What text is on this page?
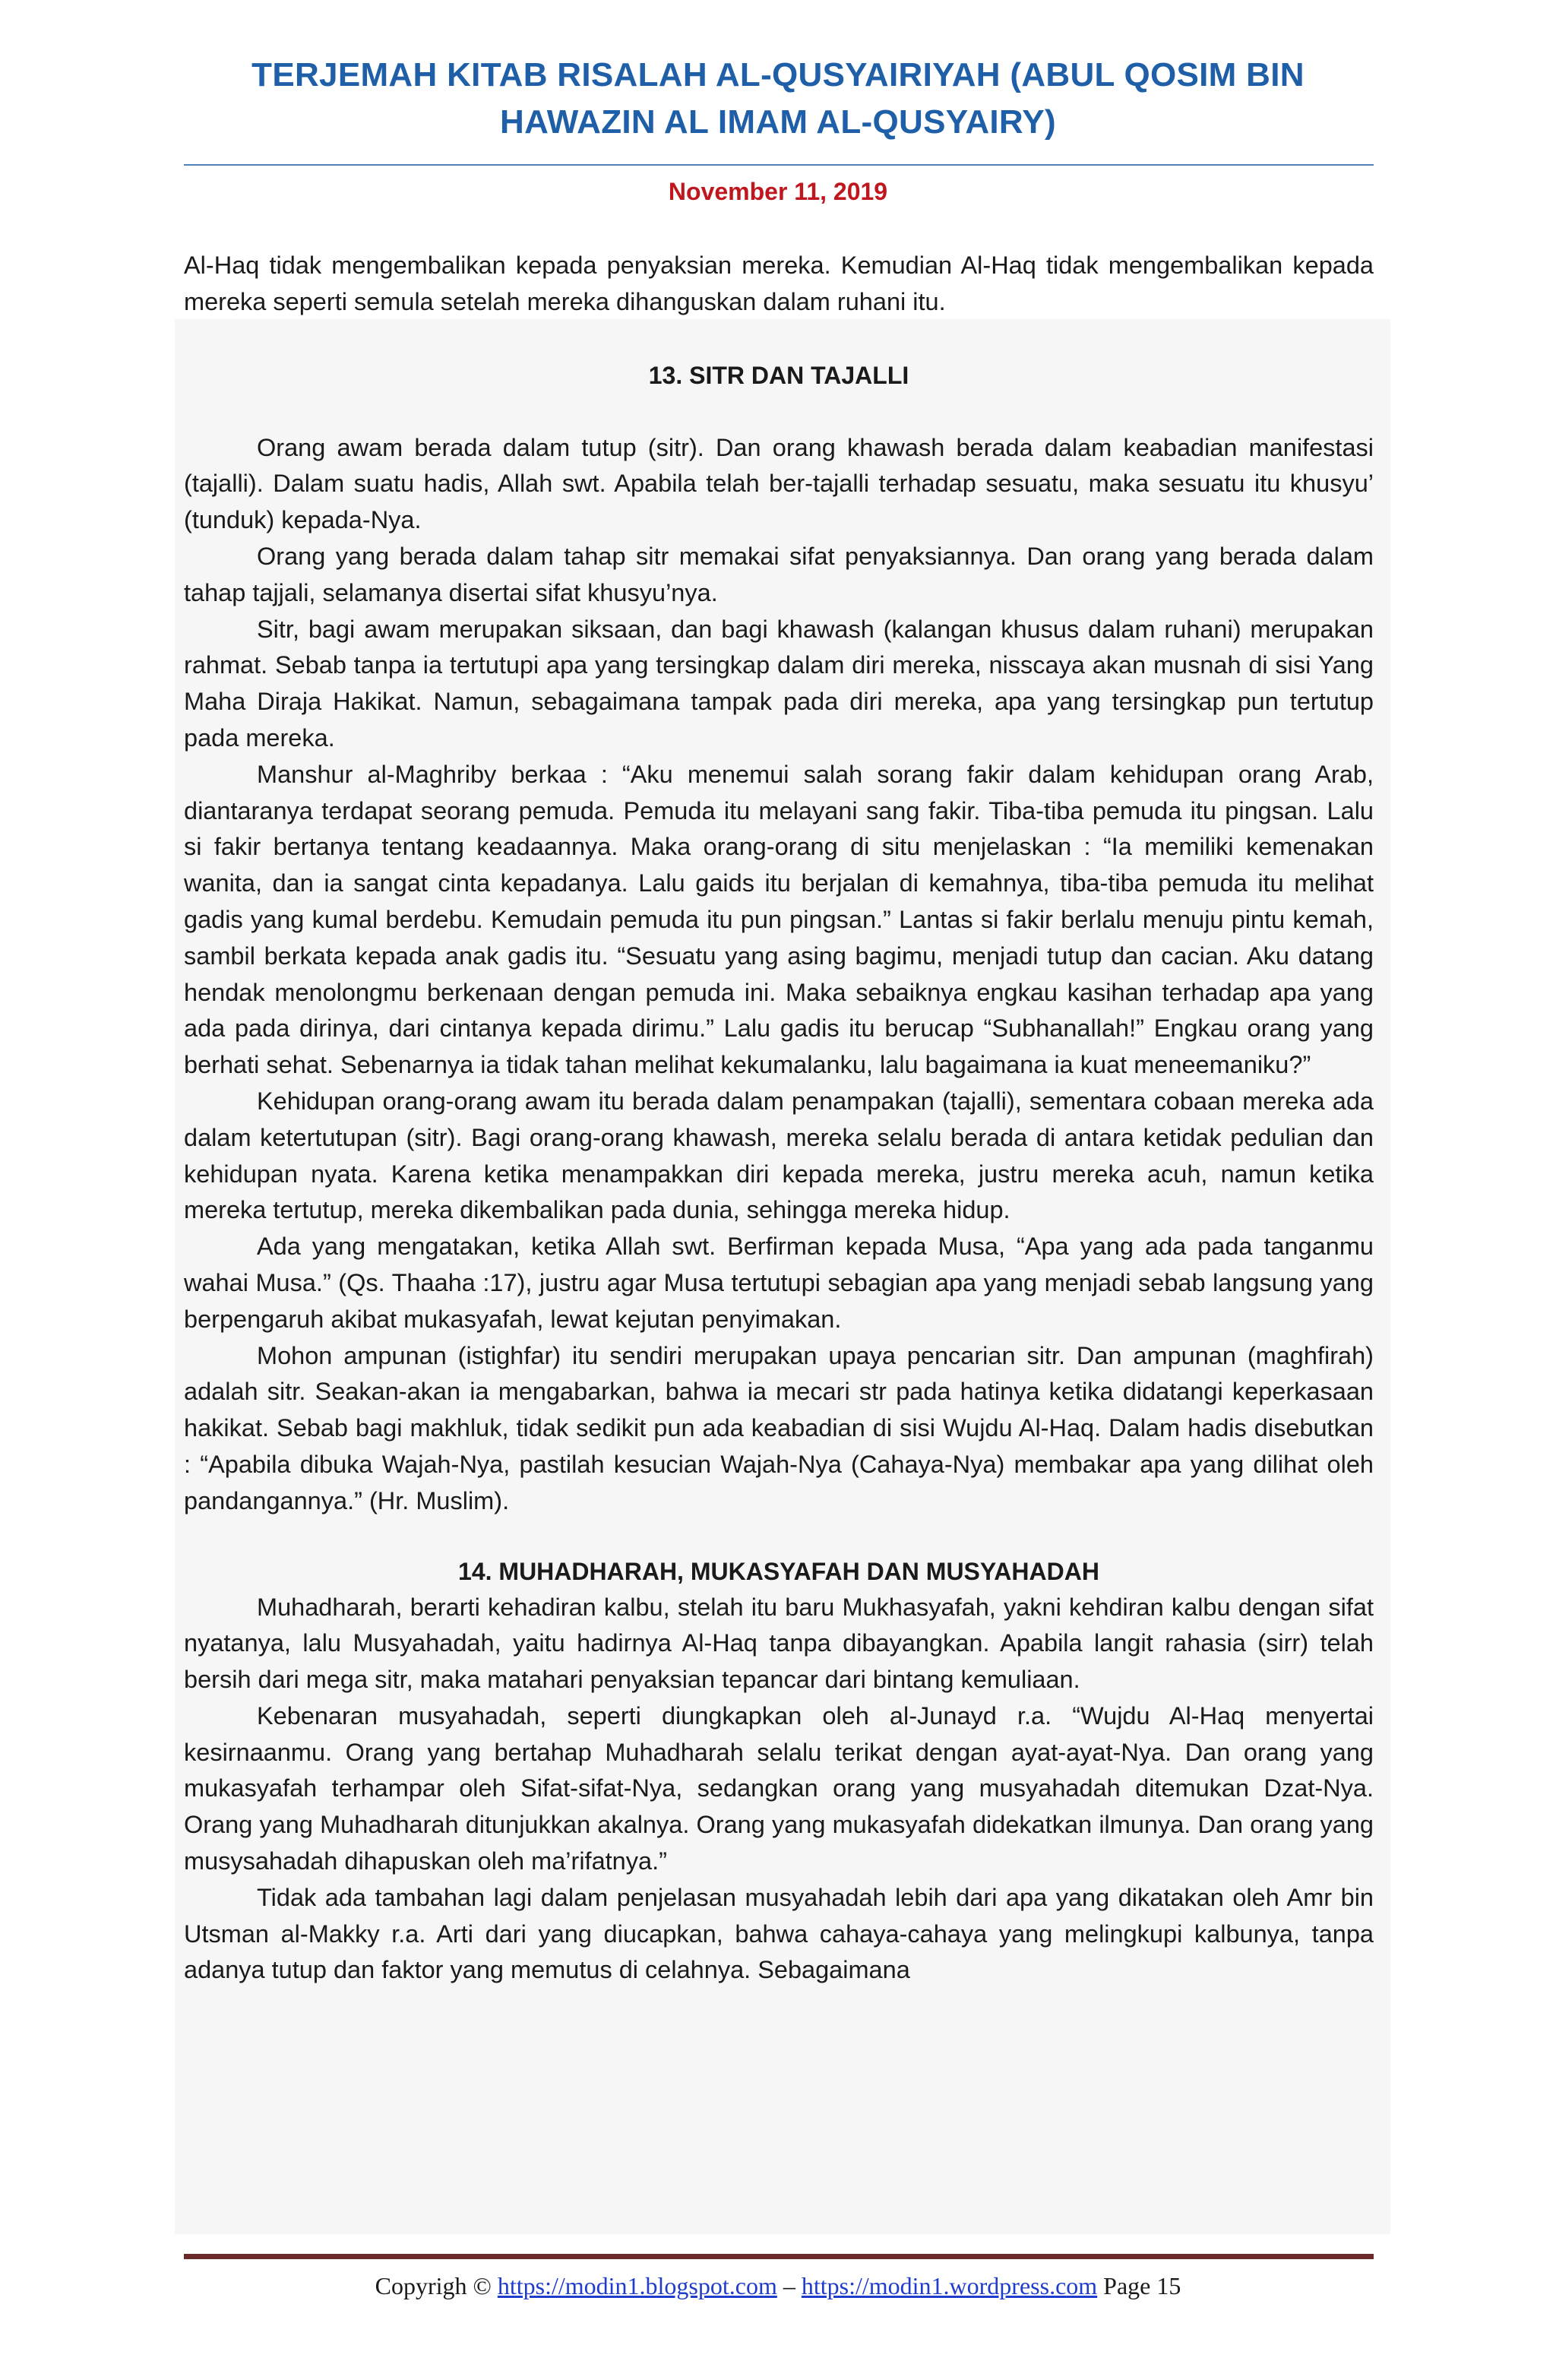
TERJEMAH KITAB RISALAH AL-QUSYAIRIYAH (ABUL QOSIM BIN
HAWAZIN AL IMAM AL-QUSYAIRY)
November 11, 2019

Al-Haq tidak mengembalikan kepada penyaksian mereka. Kemudian Al-Haq tidak mengembalikan kepada mereka seperti semula setelah mereka dihanguskan dalam ruhani itu.

13. SITR DAN TAJALLI

Orang awam berada dalam tutup (sitr). Dan orang khawash berada dalam keabadian manifestasi (tajalli). Dalam suatu hadis, Allah swt. Apabila telah ber-tajalli terhadap sesuatu, maka sesuatu itu khusyu’ (tunduk) kepada-Nya.

Orang yang berada dalam tahap sitr memakai sifat penyaksiannya. Dan orang yang berada dalam tahap tajjali, selamanya disertai sifat khusyu’nya.

Sitr, bagi awam merupakan siksaan, dan bagi khawash (kalangan khusus dalam ruhani) merupakan rahmat. Sebab tanpa ia tertutupi apa yang tersingkap dalam diri mereka, nisscaya akan musnah di sisi Yang Maha Diraja Hakikat. Namun, sebagaimana tampak pada diri mereka, apa yang tersingkap pun tertutup pada mereka.

Manshur al-Maghriby berkaa : “Aku menemui salah sorang fakir dalam kehidupan orang Arab, diantaranya terdapat seorang pemuda. Pemuda itu melayani sang fakir. Tiba-tiba pemuda itu pingsan. Lalu si fakir bertanya tentang keadaannya. Maka orang-orang di situ menjelaskan : “Ia memiliki kemenakan wanita, dan ia sangat cinta kepadanya. Lalu gaids itu berjalan di kemahnya, tiba-tiba pemuda itu melihat gadis yang kumal berdebu. Kemudain pemuda itu pun pingsan.” Lantas si fakir berlalu menuju pintu kemah, sambil berkata kepada anak gadis itu. “Sesuatu yang asing bagimu, menjadi tutup dan cacian. Aku datang hendak menolongmu berkenaan dengan pemuda ini. Maka sebaiknya engkau kasihan terhadap apa yang ada pada dirinya, dari cintanya kepada dirimu.” Lalu gadis itu berucap “Subhanallah!” Engkau orang yang berhati sehat. Sebenarnya ia tidak tahan melihat kekumalanku, lalu bagaimana ia kuat meneemaniku?”

Kehidupan orang-orang awam itu berada dalam penampakan (tajalli), sementara cobaan mereka ada dalam ketertutupan (sitr). Bagi orang-orang khawash, mereka selalu berada di antara ketidak pedulian dan kehidupan nyata. Karena ketika menampakkan diri kepada mereka, justru mereka acuh, namun ketika mereka tertutup, mereka dikembalikan pada dunia, sehingga mereka hidup.

Ada yang mengatakan, ketika Allah swt. Berfirman kepada Musa, “Apa yang ada pada tanganmu wahai Musa.” (Qs. Thaaha :17), justru agar Musa tertutupi sebagian apa yang menjadi sebab langsung yang berpengaruh akibat mukasyafah, lewat kejutan penyimakan.

Mohon ampunan (istighfar) itu sendiri merupakan upaya pencarian sitr. Dan ampunan (maghfirah) adalah sitr. Seakan-akan ia mengabarkan, bahwa ia mecari str pada hatinya ketika didatangi keperkasaan hakikat. Sebab bagi makhluk, tidak sedikit pun ada keabadian di sisi Wujdu Al-Haq. Dalam hadis disebutkan : “Apabila dibuka Wajah-Nya, pastilah kesucian Wajah-Nya (Cahaya-Nya) membakar apa yang dilihat oleh pandangannya.” (Hr. Muslim).

14. MUHADHARAH, MUKASYAFAH DAN MUSYAHADAH

Muhadharah, berarti kehadiran kalbu, stelah itu baru Mukhasyafah, yakni kehdiran kalbu dengan sifat nyatanya, lalu Musyahadah, yaitu hadirnya Al-Haq tanpa dibayangkan. Apabila langit rahasia (sirr) telah bersih dari mega sitr, maka matahari penyaksian tepancar dari bintang kemuliaan.

Kebenaran musyahadah, seperti diungkapkan oleh al-Junayd r.a. “Wujdu Al-Haq menyertai kesirnaanmu. Orang yang bertahap Muhadharah selalu terikat dengan ayat-ayat-Nya. Dan orang yang mukasyafah terhampar oleh Sifat-sifat-Nya, sedangkan orang yang musyahadah ditemukan Dzat-Nya. Orang yang Muhadharah ditunjukkan akalnya. Orang yang mukasyafah didekatkan ilmunya. Dan orang yang musysahadah dihapuskan oleh ma’rifatnya.”

Tidak ada tambahan lagi dalam penjelasan musyahadah lebih dari apa yang dikatakan oleh Amr bin Utsman al-Makky r.a. Arti dari yang diucapkan, bahwa cahaya-cahaya yang melingkupi kalbunya, tanpa adanya tutup dan faktor yang memutus di celahnya. Sebagaimana

Copyrigh © https://modin1.blogspot.com – https://modin1.wordpress.com Page 15
